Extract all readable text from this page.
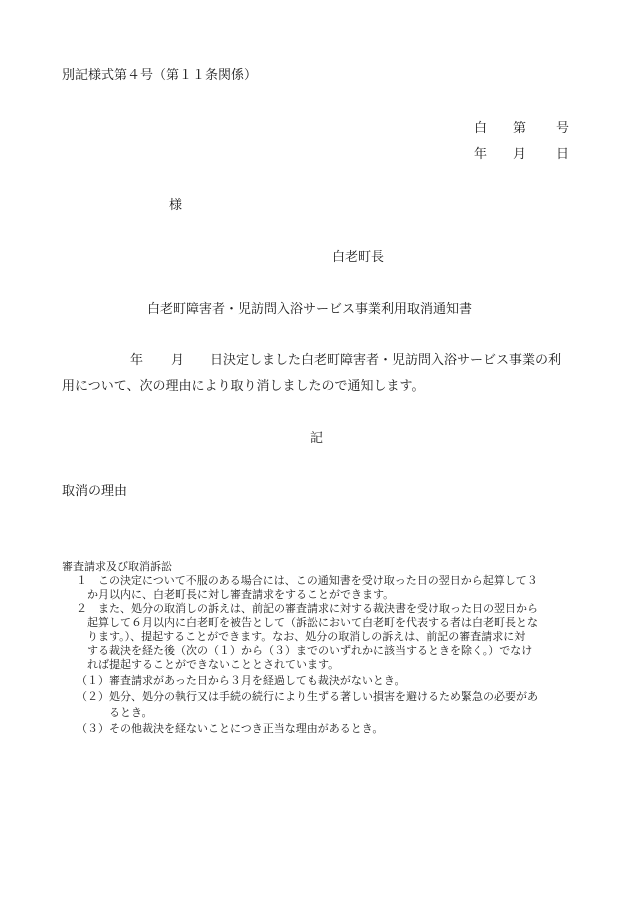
別記様式第４号（第１１条関係）
白 第 号
年 月 日
様
白老町長
白老町障害者・児訪問入浴サービス事業利用取消通知書
年 月 日決定しました白老町障害者・児訪問入浴サービス事業の利
用について、次の理由により取り消しましたので通知します。
記
取消の理由
審査請求及び取消訴訟
１　この決定について不服のある場合には、この通知書を受け取った日の翌日から起算して３
か月以内に、白老町長に対し審査請求をすることができます。
２　また、処分の取消しの訴えは、前記の審査請求に対する裁決書を受け取った日の翌日から
起算して６月以内に白老町を被告として（訴訟において白老町を代表する者は白老町長とな
ります。）、提起することができます。なお、処分の取消しの訴えは、前記の審査請求に対
する裁決を経た後（次の（１）から（３）までのいずれかに該当するときを除く。）でなけ
れば提起することができないこととされています。
（１）審査請求があった日から３月を経過しても裁決がないとき。
（２）処分、処分の執行又は手続の続行により生ずる著しい損害を避けるため緊急の必要があ
るとき。
（３）その他裁決を経ないことにつき正当な理由があるとき。
